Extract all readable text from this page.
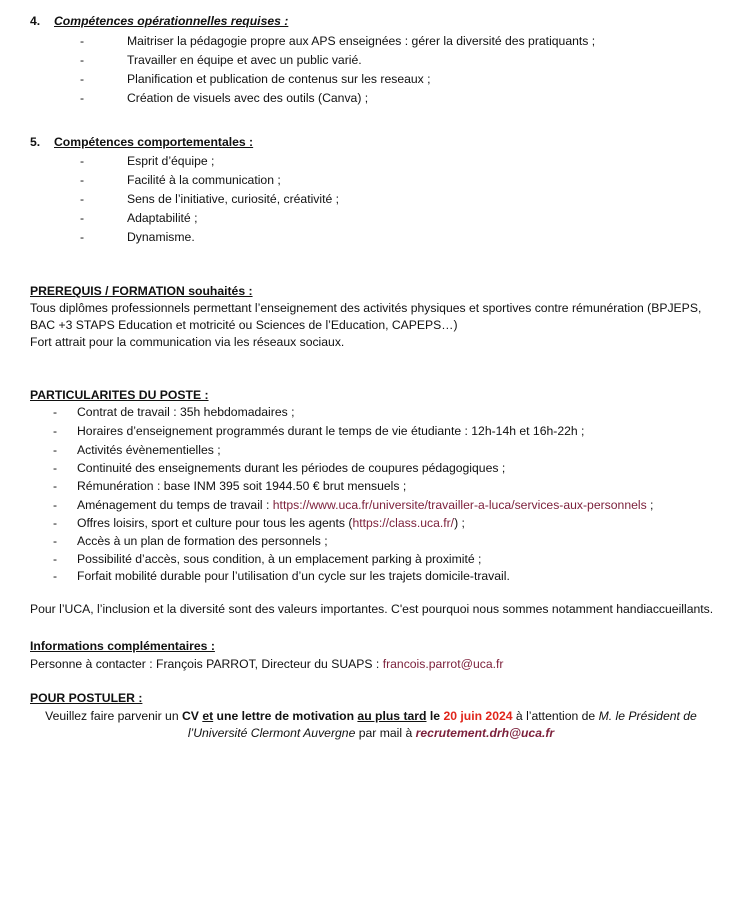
4. Compétences opérationnelles requises :
-	Maitriser la pédagogie propre aux APS enseignées : gérer la diversité des pratiquants ;
-	Travailler en équipe et avec un public varié.
-	Planification et publication de contenus sur les reseaux ;
-	Création de visuels avec des outils (Canva) ;
5. Compétences comportementales :
-	Esprit d’équipe ;
-	Facilité à la communication ;
-	Sens de l’initiative, curiosité, créativité ;
-	Adaptabilité ;
-	Dynamisme.
PREREQUIS / FORMATION souhaités :
Tous diplômes professionnels permettant l’enseignement des activités physiques et sportives contre rémunération (BPJEPS,
BAC +3 STAPS Education et motricité ou Sciences de l’Education, CAPEPS…)
Fort attrait pour la communication via les réseaux sociaux.
PARTICULARITES DU POSTE :
- Contrat de travail : 35h hebdomadaires ;
- Horaires d’enseignement programmés durant le temps de vie étudiante : 12h-14h et 16h-22h ;
- Activités évènementielles ;
- Continuité des enseignements durant les périodes de coupures pédagogiques ;
- Rémunération : base INM 395 soit 1944.50 € brut mensuels ;
- Aménagement du temps de travail : https://www.uca.fr/universite/travailler-a-luca/services-aux-personnels ;
- Offres loisirs, sport et culture pour tous les agents (https://class.uca.fr/) ;
- Accès à un plan de formation des personnels ;
- Possibilité d’accès, sous condition, à un emplacement parking à proximité ;
- Forfait mobilité durable pour l’utilisation d’un cycle sur les trajets domicile-travail.
Pour l’UCA, l’inclusion et la diversité sont des valeurs importantes. C'est pourquoi nous sommes notamment handiaccueillants.
Informations complémentaires :
Personne à contacter : François PARROT, Directeur du SUAPS : francois.parrot@uca.fr
POUR POSTULER :
Veuillez faire parvenir un CV et une lettre de motivation au plus tard le 20 juin 2024 à l’attention de M. le Président de
l’Université Clermont Auvergne par mail à recrutement.drh@uca.fr
